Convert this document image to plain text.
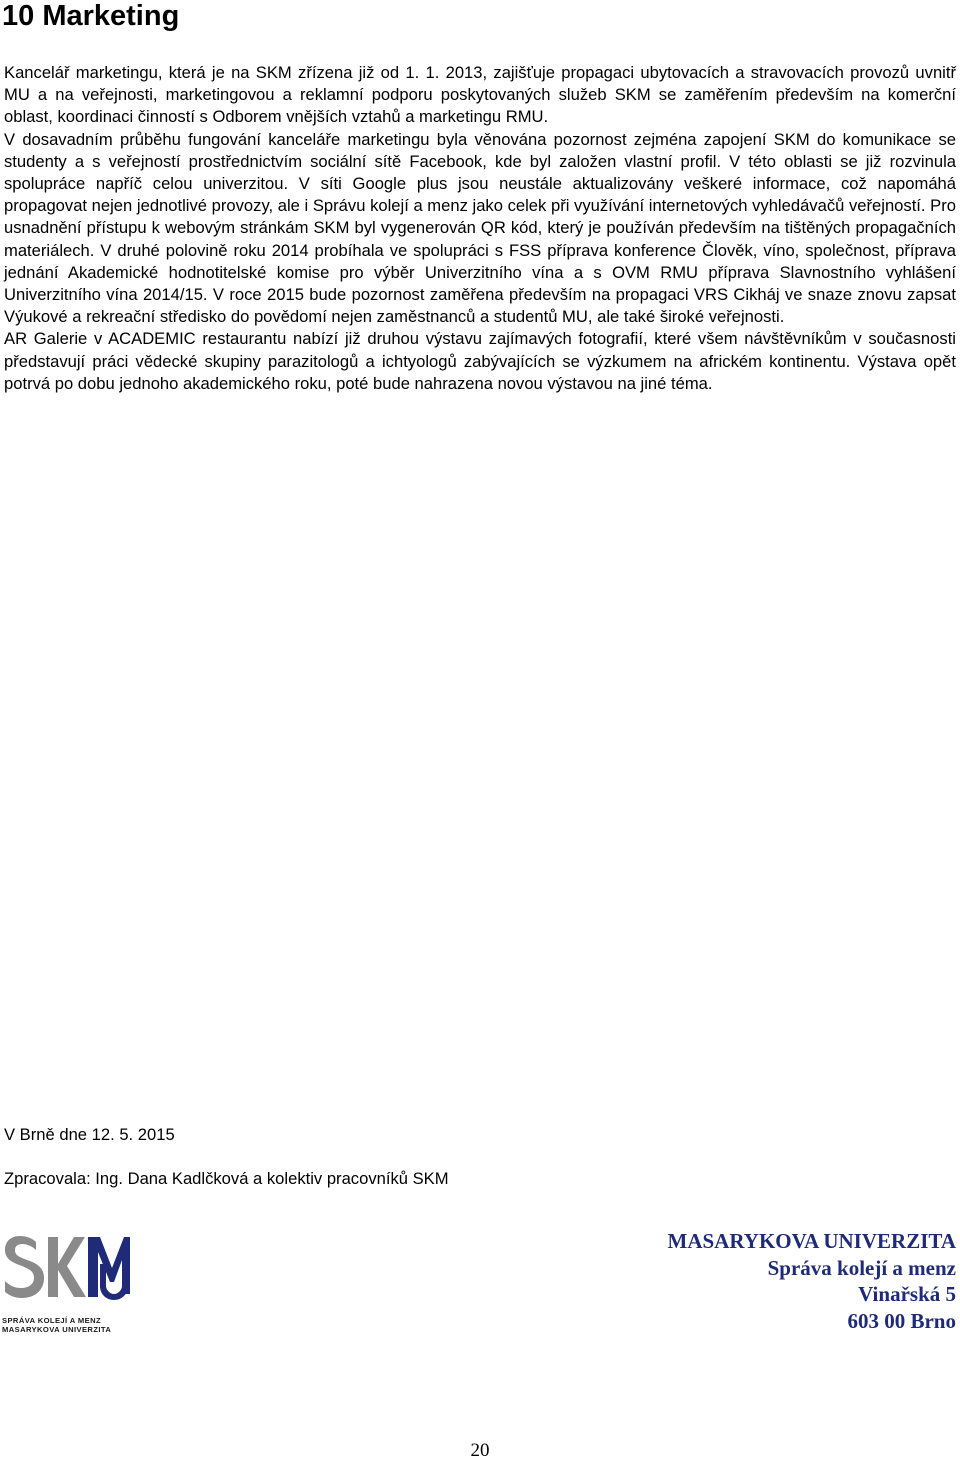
10 Marketing

Kancelář marketingu, která je na SKM zřízena již od 1. 1. 2013, zajišťuje propagaci ubytovacích a stravovacích provozů uvnitř MU a na veřejnosti, marketingovou a reklamní podporu poskytovaných služeb SKM se zaměřením především na komerční oblast, koordinaci činností s Odborem vnějších vztahů a marketingu RMU.

V dosavadním průběhu fungování kanceláře marketingu byla věnována pozornost zejména zapojení SKM do komunikace se studenty a s veřejností prostřednictvím sociální sítě Facebook, kde byl založen vlastní profil. V této oblasti se již rozvinula spolupráce napříč celou univerzitou. V síti Google plus jsou neustále aktualizovány veškeré informace, což napomáhá propagovat nejen jednotlivé provozy, ale i Správu kolejí a menz jako celek při využívání internetových vyhledávačů veřejností. Pro usnadnění přístupu k webovým stránkám SKM byl vygenerován QR kód, který je používán především na tištěných propagačních materiálech. V druhé polovině roku 2014 probíhala ve spolupráci s FSS příprava konference Člověk, víno, společnost, příprava jednání Akademické hodnotitelské komise pro výběr Univerzitního vína a s OVM RMU příprava Slavnostního vyhlášení Univerzitního vína 2014/15. V roce 2015 bude pozornost zaměřena především na propagaci VRS Cikháj ve snaze znovu zapsat Výukové a rekreační středisko do povědomí nejen zaměstnanců a studentů MU, ale také široké veřejnosti.

AR Galerie v ACADEMIC restaurantu nabízí již druhou výstavu zajímavých fotografií, které všem návštěvníkům v současnosti představují práci vědecké skupiny parazitologů a ichtyologů zabývajících se výzkumem na africkém kontinentu. Výstava opět potrvá po dobu jednoho akademického roku, poté bude nahrazena novou výstavou na jiné téma.

V Brně dne 12. 5. 2015

Zpracovala: Ing. Dana Kadlčková a kolektiv pracovníků SKM

SPRÁVA KOLEJÍ A MENZ
MASARYKOVA UNIVERZITA
MASARYKOVA UNIVERZITA
Správa kolejí a menz
Vinařská 5
603 00 Brno
20
